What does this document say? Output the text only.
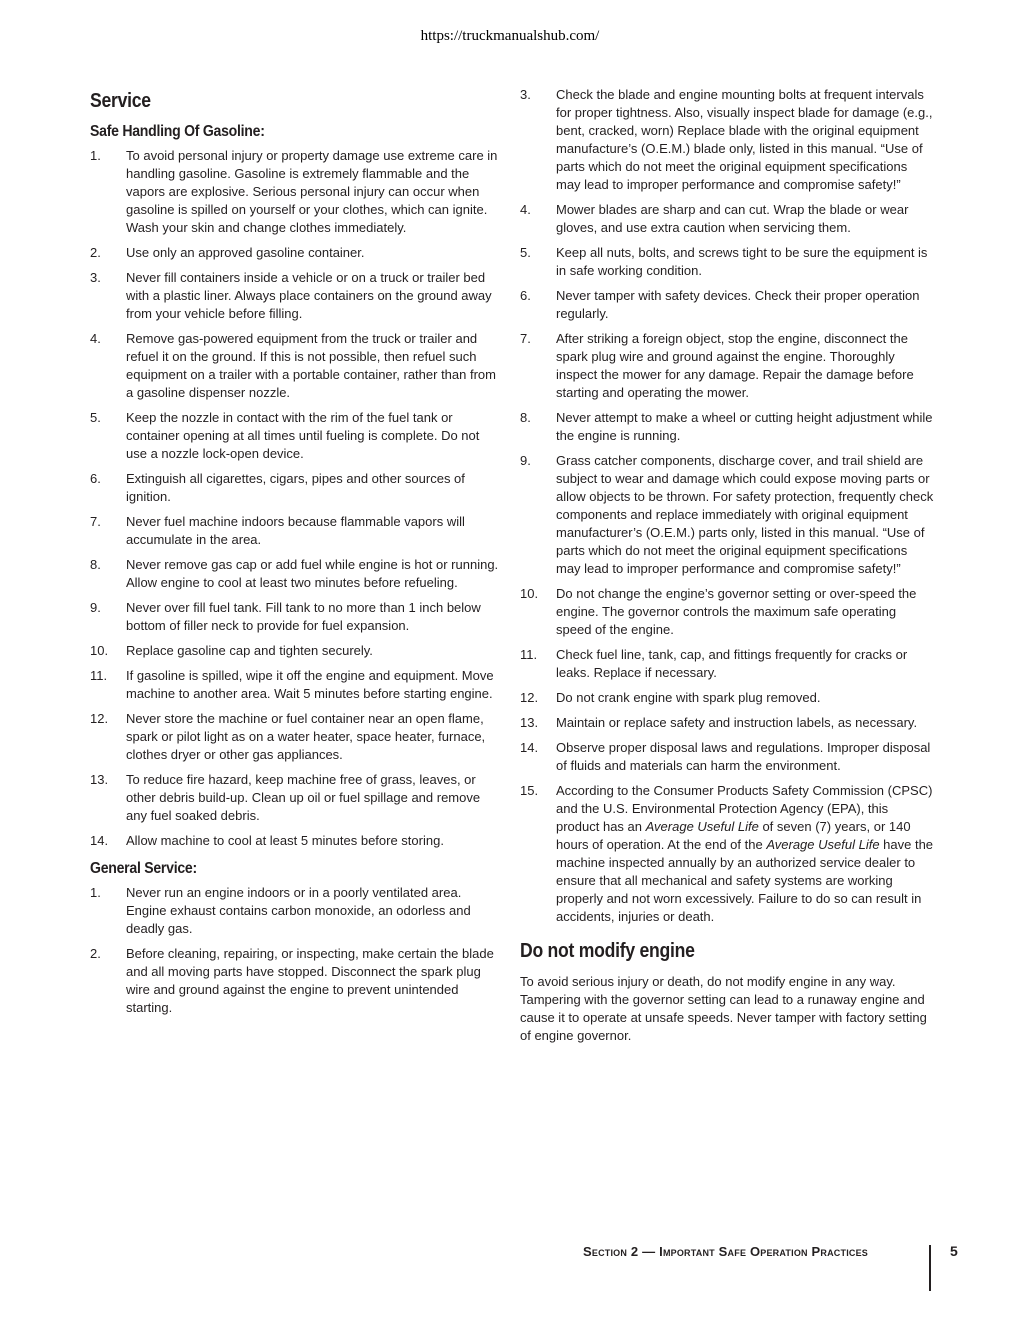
https://truckmanualshub.com/
Service
Safe Handling Of Gasoline:
1.	To avoid personal injury or property damage use extreme care in handling gasoline. Gasoline is extremely flammable and the vapors are explosive. Serious personal injury can occur when gasoline is spilled on yourself or your clothes, which can ignite. Wash your skin and change clothes immediately.
2.	Use only an approved gasoline container.
3.	Never fill containers inside a vehicle or on a truck or trailer bed with a plastic liner. Always place containers on the ground away from your vehicle before filling.
4.	Remove gas-powered equipment from the truck or trailer and refuel it on the ground. If this is not possible, then refuel such equipment on a trailer with a portable container, rather than from a gasoline dispenser nozzle.
5.	Keep the nozzle in contact with the rim of the fuel tank or container opening at all times until fueling is complete. Do not use a nozzle lock-open device.
6.	Extinguish all cigarettes, cigars, pipes and other sources of ignition.
7.	Never fuel machine indoors because flammable vapors will accumulate in the area.
8.	Never remove gas cap or add fuel while engine is hot or running. Allow engine to cool at least two minutes before refueling.
9.	Never over fill fuel tank. Fill tank to no more than 1 inch below bottom of filler neck to provide for fuel expansion.
10.	Replace gasoline cap and tighten securely.
11.	If gasoline is spilled, wipe it off the engine and equipment. Move machine to another area. Wait 5 minutes before starting engine.
12.	Never store the machine or fuel container near an open flame, spark or pilot light as on a water heater, space heater, furnace, clothes dryer or other gas appliances.
13.	To reduce fire hazard, keep machine free of grass, leaves, or other debris build-up. Clean up oil or fuel spillage and remove any fuel soaked debris.
14.	Allow machine to cool at least 5 minutes before storing.
General Service:
1.	Never run an engine indoors or in a poorly ventilated area. Engine exhaust contains carbon monoxide, an odorless and deadly gas.
2.	Before cleaning, repairing, or inspecting, make certain the blade and all moving parts have stopped. Disconnect the spark plug wire and ground against the engine to prevent unintended starting.
3.	Check the blade and engine mounting bolts at frequent intervals for proper tightness. Also, visually inspect blade for damage (e.g., bent, cracked, worn) Replace blade with the original equipment manufacture’s (O.E.M.) blade only, listed in this manual. “Use of parts which do not meet the original equipment specifications may lead to improper performance and compromise safety!”
4.	Mower blades are sharp and can cut. Wrap the blade or wear gloves, and use extra caution when servicing them.
5.	Keep all nuts, bolts, and screws tight to be sure the equipment is in safe working condition.
6.	Never tamper with safety devices. Check their proper operation regularly.
7.	After striking a foreign object, stop the engine, disconnect the spark plug wire and ground against the engine. Thoroughly inspect the mower for any damage. Repair the damage before starting and operating the mower.
8.	Never attempt to make a wheel or cutting height adjustment while the engine is running.
9.	Grass catcher components, discharge cover, and trail shield are subject to wear and damage which could expose moving parts or allow objects to be thrown. For safety protection, frequently check components and replace immediately with original equipment manufacturer’s (O.E.M.) parts only, listed in this manual. “Use of parts which do not meet the original equipment specifications may lead to improper performance and compromise safety!”
10.	Do not change the engine’s governor setting or over-speed the engine. The governor controls the maximum safe operating speed of the engine.
11.	Check fuel line, tank, cap, and fittings frequently for cracks or leaks. Replace if necessary.
12.	Do not crank engine with spark plug removed.
13.	Maintain or replace safety and instruction labels, as necessary.
14.	Observe proper disposal laws and regulations. Improper disposal of fluids and materials can harm the environment.
15.	According to the Consumer Products Safety Commission (CPSC) and the U.S. Environmental Protection Agency (EPA), this product has an Average Useful Life of seven (7) years, or 140 hours of operation. At the end of the Average Useful Life have the machine inspected annually by an authorized service dealer to ensure that all mechanical and safety systems are working properly and not worn excessively. Failure to do so can result in accidents, injuries or death.
Do not modify engine

To avoid serious injury or death, do not modify engine in any way. Tampering with the governor setting can lead to a runaway engine and cause it to operate at unsafe speeds. Never tamper with factory setting of engine governor.

Section 2 — Important Safe Operation Practices	5
